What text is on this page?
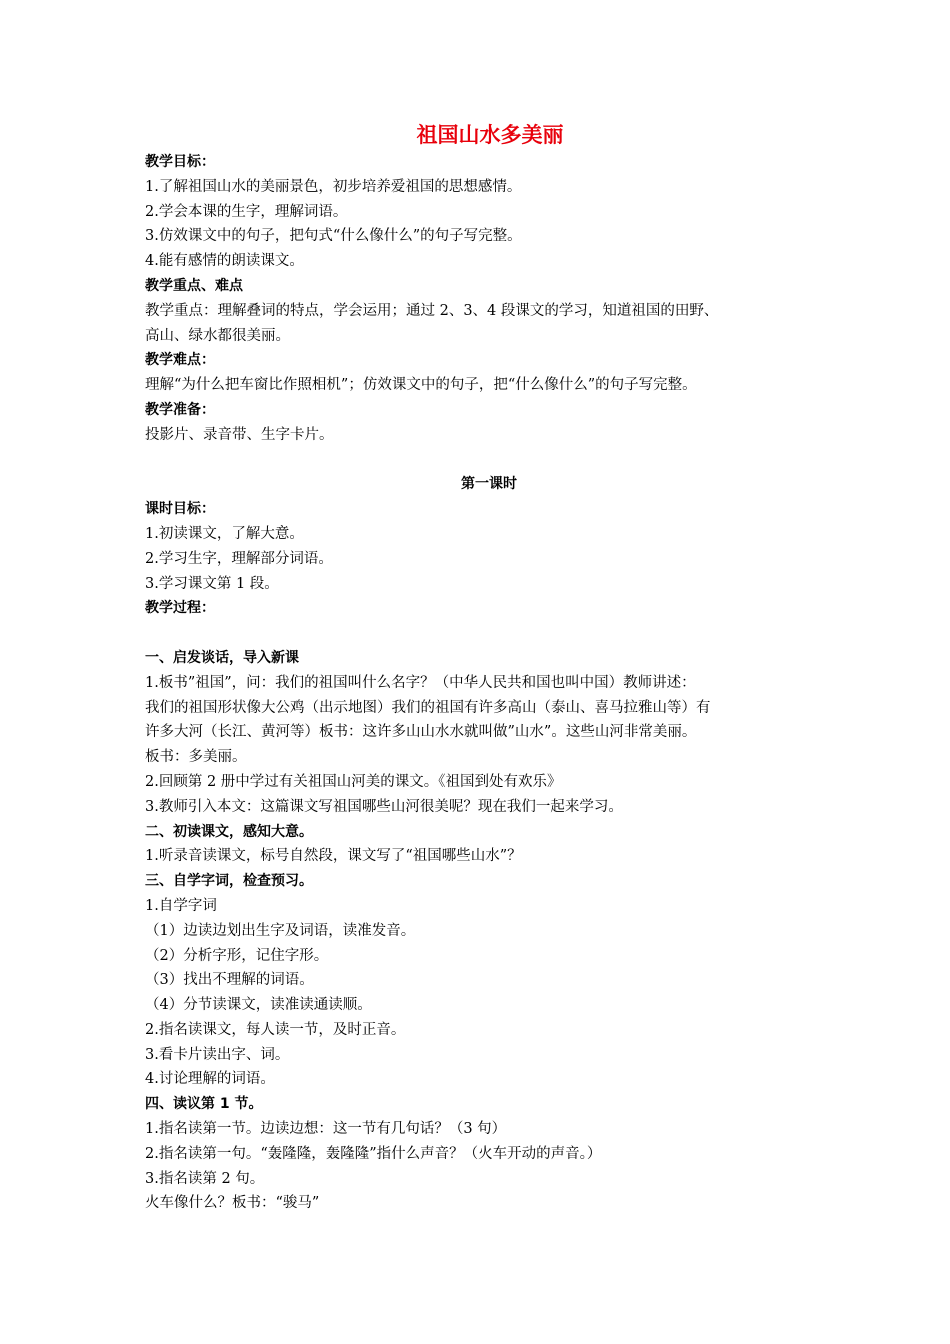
祖国山水多美丽

教学目标：

1.了解祖国山水的美丽景色，初步培养爱祖国的思想感情。

2.学会本课的生字，理解词语。

3.仿效课文中的句子，把句式“什么像什么”的句子写完整。

4.能有感情的朗读课文。

教学重点、难点

教学重点：理解叠词的特点，学会运用；通过 2、3、4 段课文的学习，知道祖国的田野、

高山、绿水都很美丽。

教学难点：

理解“为什么把车窗比作照相机”；仿效课文中的句子，把“什么像什么”的句子写完整。

教学准备：

投影片、录音带、生字卡片。

第一课时

课时目标：

1.初读课文，了解大意。

2.学习生字，理解部分词语。

3.学习课文第 1 段。

教学过程：

一、启发谈话，导入新课

1.板书”祖国”，问：我们的祖国叫什么名字？（中华人民共和国也叫中国）教师讲述：

我们的祖国形状像大公鸡（出示地图）我们的祖国有许多高山（泰山、喜马拉雅山等）有

许多大河（长江、黄河等）板书：这许多山山水水就叫做”山水”。这些山河非常美丽。

板书：多美丽。

2.回顾第 2 册中学过有关祖国山河美的课文。《祖国到处有欢乐》

3.教师引入本文：这篇课文写祖国哪些山河很美呢？现在我们一起来学习。

二、初读课文，感知大意。

1.听录音读课文，标号自然段，课文写了“祖国哪些山水”？

三、自学字词，检查预习。

1.自学字词

（1）边读边划出生字及词语，读准发音。

（2）分析字形，记住字形。

（3）找出不理解的词语。

（4）分节读课文，读准读通读顺。

2.指名读课文，每人读一节，及时正音。

3.看卡片读出字、词。

4.讨论理解的词语。

四、读议第 1 节。

1.指名读第一节。边读边想：这一节有几句话？（3 句）

2.指名读第一句。“轰隆隆，轰隆隆”指什么声音？（火车开动的声音。）

3.指名读第 2 句。

火车像什么？板书：“骏马”
